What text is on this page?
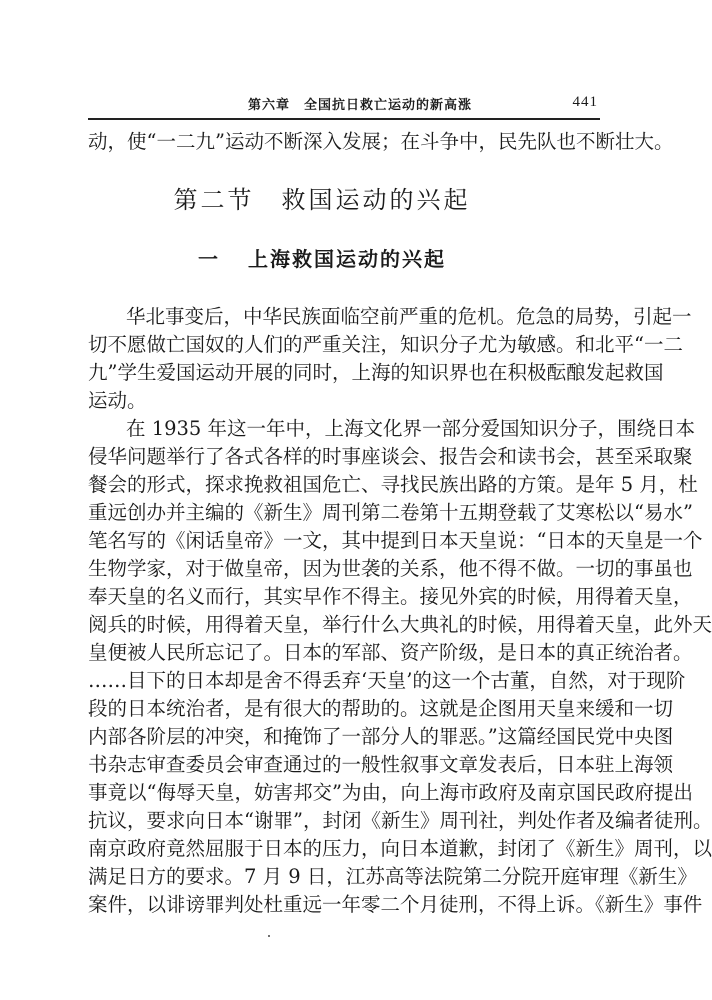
第六章　全国抗日救亡运动的新高涨	441
动，使“一二九”运动不断深入发展；在斗争中，民先队也不断壮大。
第二节　救国运动的兴起
一 上海救国运动的兴起
华北事变后，中华民族面临空前严重的危机。危急的局势，引起一
切不愿做亡国奴的人们的严重关注，知识分子尤为敏感。和北平“一二
九”学生爱国运动开展的同时，上海的知识界也在积极酝酿发起救国
运动。
在 1935 年这一年中，上海文化界一部分爱国知识分子，围绕日本
侵华问题举行了各式各样的时事座谈会、报告会和读书会，甚至采取聚
餐会的形式，探求挽救祖国危亡、寻找民族出路的方策。是年 5 月，杜
重远创办并主编的《新生》周刊第二卷第十五期登载了艾寒松以“易水”
笔名写的《闲话皇帝》一文，其中提到日本天皇说：“日本的天皇是一个
生物学家，对于做皇帝，因为世袭的关系，他不得不做。一切的事虽也
奉天皇的名义而行，其实早作不得主。接见外宾的时候，用得着天皇，
阅兵的时候，用得着天皇，举行什么大典礼的时候，用得着天皇，此外天
皇便被人民所忘记了。日本的军部、资产阶级，是日本的真正统治者。
……目下的日本却是舍不得丢弃‘天皇’的这一个古董，自然，对于现阶
段的日本统治者，是有很大的帮助的。这就是企图用天皇来缓和一切
内部各阶层的冲突，和掩饰了一部分人的罪恶。”这篇经国民党中央图
书杂志审查委员会审查通过的一般性叙事文章发表后，日本驻上海领
事竟以“侮辱天皇，妨害邦交”为由，向上海市政府及南京国民政府提出
抗议，要求向日本“谢罪”，封闭《新生》周刊社，判处作者及编者徒刑。
南京政府竟然屈服于日本的压力，向日本道歉，封闭了《新生》周刊，以
满足日方的要求。7 月 9 日，江苏高等法院第二分院开庭审理《新生》
案件，以诽谤罪判处杜重远一年零二个月徒刑，不得上诉。《新生》事件
